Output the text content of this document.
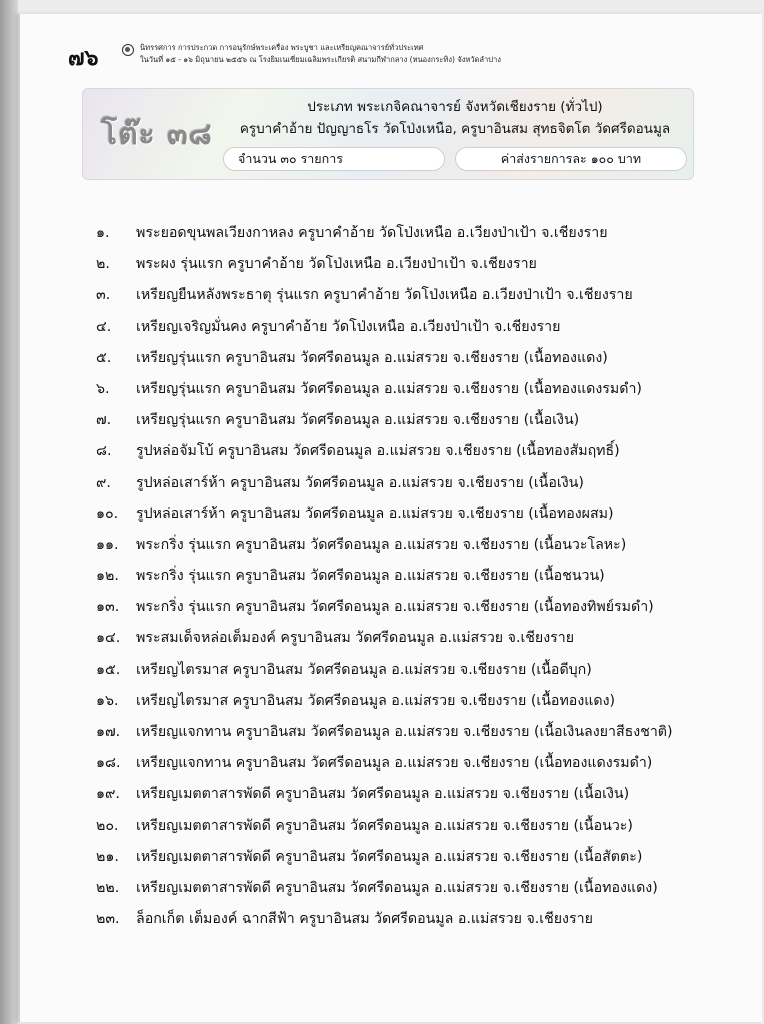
๗๖	นิทรรศการ การประกวด การอนุรักษ์พระเครื่อง พระบูชา และเหรียญคณาจารย์ทั่วประเทศ
ในวันที่ ๑๕ - ๑๖ มิถุนายน ๒๕๕๖ ณ โรงยิมเนเซี่ยมเฉลิมพระเกียรติ สนามกีฬากลาง (หนองกระทิง) จังหวัดลำปาง
โต๊ะ ๓๘
ประเภท พระเกจิคณาจารย์ จังหวัดเชียงราย (ทั่วไป)
ครูบาคำอ้าย ปัญญาธโร วัดโป่งเหนือ, ครูบาอินสม สุทธจิตโต วัดศรีดอนมูล
จำนวน ๓๐ รายการ	ค่าส่งรายการละ ๑๐๐ บาท
๑.	พระยอดขุนพลเวียงกาหลง ครูบาคำอ้าย วัดโป่งเหนือ อ.เวียงป่าเป้า จ.เชียงราย
๒.	พระผง รุ่นแรก ครูบาคำอ้าย วัดโป่งเหนือ อ.เวียงป่าเป้า จ.เชียงราย
๓.	เหรียญยืนหลังพระธาตุ รุ่นแรก ครูบาคำอ้าย วัดโป่งเหนือ อ.เวียงป่าเป้า จ.เชียงราย
๔.	เหรียญเจริญมั่นคง ครูบาคำอ้าย วัดโป่งเหนือ อ.เวียงป่าเป้า จ.เชียงราย
๕.	เหรียญรุ่นแรก ครูบาอินสม วัดศรีดอนมูล อ.แม่สรวย จ.เชียงราย (เนื้อทองแดง)
๖.	เหรียญรุ่นแรก ครูบาอินสม วัดศรีดอนมูล อ.แม่สรวย จ.เชียงราย (เนื้อทองแดงรมดำ)
๗.	เหรียญรุ่นแรก ครูบาอินสม วัดศรีดอนมูล อ.แม่สรวย จ.เชียงราย (เนื้อเงิน)
๘.	รูปหล่อจัมโบ้ ครูบาอินสม วัดศรีดอนมูล อ.แม่สรวย จ.เชียงราย (เนื้อทองสัมฤทธิ์)
๙.	รูปหล่อเสาร์ห้า ครูบาอินสม วัดศรีดอนมูล อ.แม่สรวย จ.เชียงราย (เนื้อเงิน)
๑๐.	รูปหล่อเสาร์ห้า ครูบาอินสม วัดศรีดอนมูล อ.แม่สรวย จ.เชียงราย (เนื้อทองผสม)
๑๑.	พระกริ่ง รุ่นแรก ครูบาอินสม วัดศรีดอนมูล อ.แม่สรวย จ.เชียงราย (เนื้อนวะโลหะ)
๑๒.	พระกริ่ง รุ่นแรก ครูบาอินสม วัดศรีดอนมูล อ.แม่สรวย จ.เชียงราย (เนื้อชนวน)
๑๓.	พระกริ่ง รุ่นแรก ครูบาอินสม วัดศรีดอนมูล อ.แม่สรวย จ.เชียงราย (เนื้อทองทิพย์รมดำ)
๑๔.	พระสมเด็จหล่อเต็มองค์ ครูบาอินสม วัดศรีดอนมูล อ.แม่สรวย จ.เชียงราย
๑๕.	เหรียญไตรมาส ครูบาอินสม วัดศรีดอนมูล อ.แม่สรวย จ.เชียงราย (เนื้อดีบุก)
๑๖.	เหรียญไตรมาส ครูบาอินสม วัดศรีดอนมูล อ.แม่สรวย จ.เชียงราย (เนื้อทองแดง)
๑๗.	เหรียญแจกทาน ครูบาอินสม วัดศรีดอนมูล อ.แม่สรวย จ.เชียงราย (เนื้อเงินลงยาสีธงชาติ)
๑๘.	เหรียญแจกทาน ครูบาอินสม วัดศรีดอนมูล อ.แม่สรวย จ.เชียงราย (เนื้อทองแดงรมดำ)
๑๙.	เหรียญเมตตาสารพัดดี ครูบาอินสม วัดศรีดอนมูล อ.แม่สรวย จ.เชียงราย (เนื้อเงิน)
๒๐.	เหรียญเมตตาสารพัดดี ครูบาอินสม วัดศรีดอนมูล อ.แม่สรวย จ.เชียงราย (เนื้อนวะ)
๒๑.	เหรียญเมตตาสารพัดดี ครูบาอินสม วัดศรีดอนมูล อ.แม่สรวย จ.เชียงราย (เนื้อสัตตะ)
๒๒.	เหรียญเมตตาสารพัดดี ครูบาอินสม วัดศรีดอนมูล อ.แม่สรวย จ.เชียงราย (เนื้อทองแดง)
๒๓.	ล็อกเก็ต เต็มองค์ ฉากสีฟ้า ครูบาอินสม วัดศรีดอนมูล อ.แม่สรวย จ.เชียงราย
